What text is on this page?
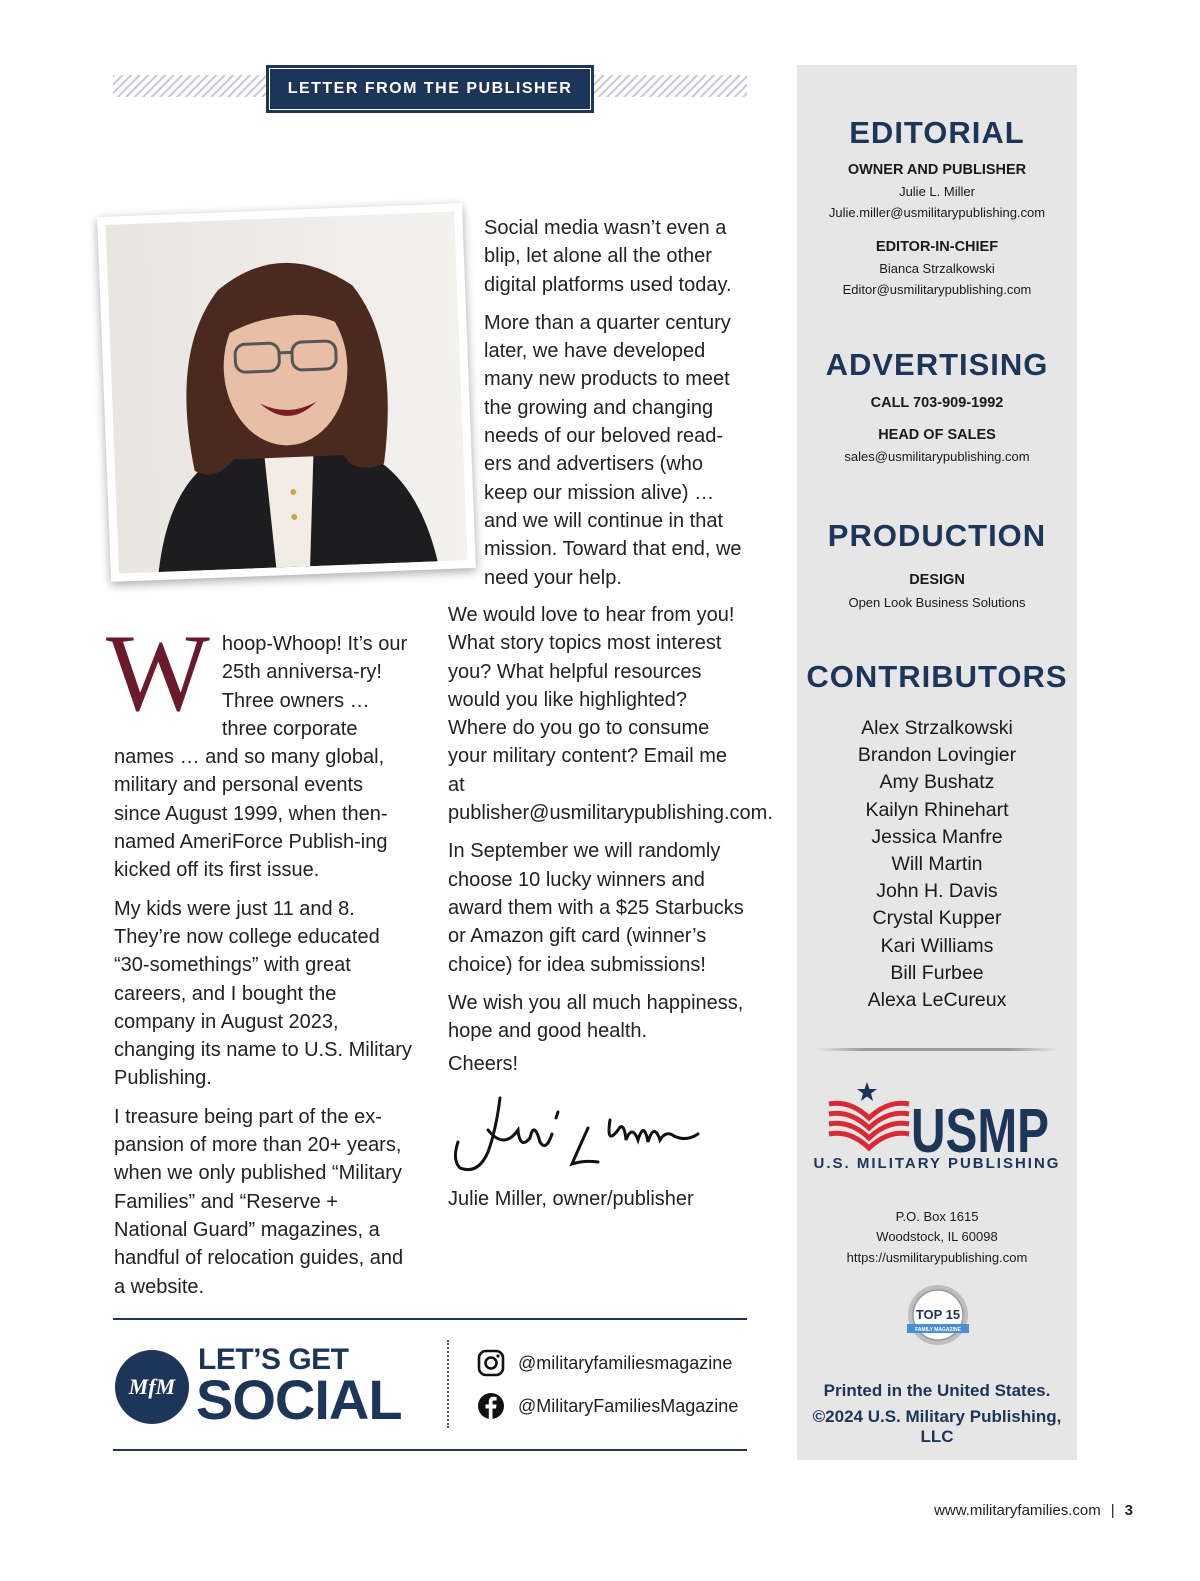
LETTER FROM THE PUBLISHER

Social media wasn’t even a blip, let alone all the other digital platforms used today.

More than a quarter century later, we have developed many new products to meet the growing and changing needs of our beloved read-ers and advertisers (who keep our mission alive) … and we will continue in that mission. Toward that end, we need your help.

Whoop-Whoop! It’s our 25th anniversa-ry! Three owners … three corporate names … and so many global, military and personal events since August 1999, when then-named AmeriForce Publish-ing kicked off its first issue.

My kids were just 11 and 8. They’re now college educated “30-somethings” with great careers, and I bought the company in August 2023, changing its name to U.S. Military Publishing.

I treasure being part of the ex-pansion of more than 20+ years, when we only published “Military Families” and “Reserve + National Guard” magazines, a handful of relocation guides, and a website.

We would love to hear from you! What story topics most interest you? What helpful resources would you like highlighted? Where do you go to consume your military content? Email me at publisher@usmilitarypublishing.com.

In September we will randomly choose 10 lucky winners and award them with a $25 Starbucks or Amazon gift card (winner’s choice) for idea submissions!

We wish you all much happiness, hope and good health.

Cheers!
Julie Miller, owner/publisher
MfM
LET’S GET
SOCIAL
@militaryfamiliesmagazine
@MilitaryFamiliesMagazine
EDITORIAL
OWNER AND PUBLISHER
Julie L. Miller
Julie.miller@usmilitarypublishing.com
EDITOR-IN-CHIEF
Bianca Strzalkowski
Editor@usmilitarypublishing.com
ADVERTISING
CALL 703-909-1992
HEAD OF SALES
sales@usmilitarypublishing.com
PRODUCTION
DESIGN
Open Look Business Solutions
CONTRIBUTORS
Alex Strzalkowski
Brandon Lovingier
Amy Bushatz
Kailyn Rhinehart
Jessica Manfre
Will Martin
John H. Davis
Crystal Kupper
Kari Williams
Bill Furbee
Alexa LeCureux
USMP
U.S. MILITARY PUBLISHING
P.O. Box 1615
Woodstock, IL 60098
https://usmilitarypublishing.com
TOP 15
FAMILY MAGAZINE
Printed in the United States.
©2024 U.S. Military Publishing, LLC
www.militaryfamilies.com | 3
